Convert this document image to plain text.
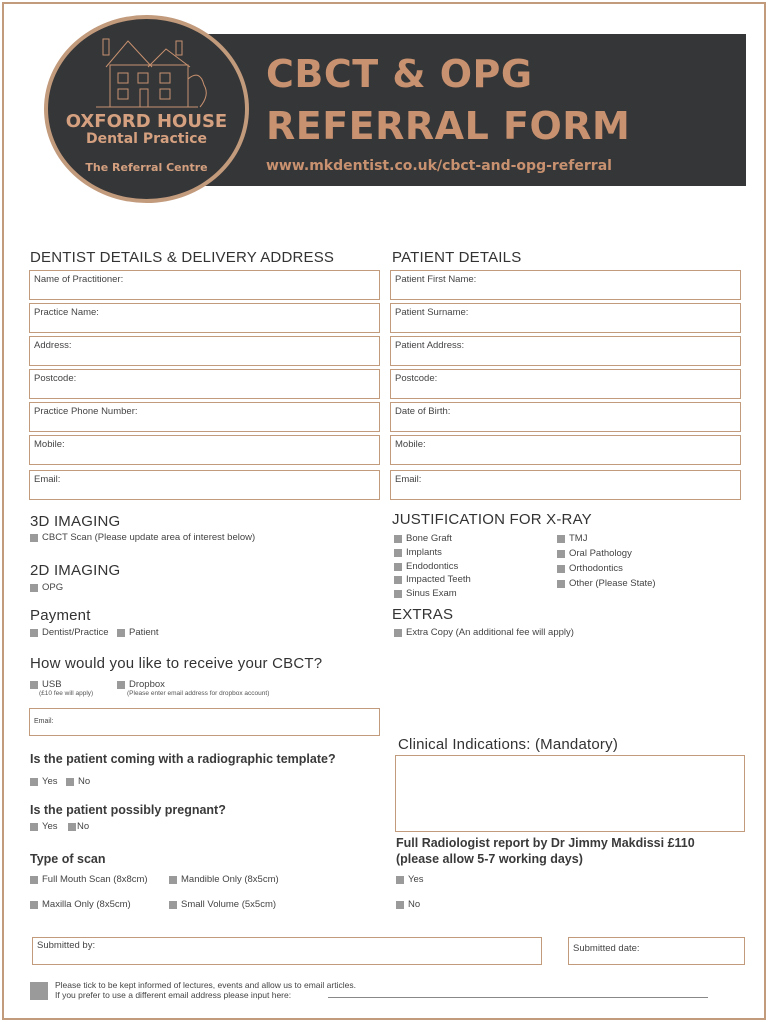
CBCT & OPG
REFERRAL FORM
www.mkdentist.co.uk/cbct-and-opg-referral
OXFORD HOUSE
Dental Practice
The Referral Centre
DENTIST DETAILS & DELIVERY ADDRESS	PATIENT DETAILS
Name of Practitioner:
Practice Name:
Address:
Postcode:
Practice Phone Number:
Mobile:
Email:
Patient First Name:
Patient Surname:
Patient Address:
Postcode:
Date of Birth:
Mobile:
Email:
3D IMAGING
CBCT Scan (Please update area of interest below)
2D IMAGING
OPG
Payment
Dentist/Practice Patient
JUSTIFICATION FOR X-RAY
Bone Graft
Implants
Endodontics
Impacted Teeth
Sinus Exam
TMJ
Oral Pathology
Orthodontics
Other (Please State)
EXTRAS
Extra Copy (An additional fee will apply)
How would you like to receive your CBCT?
USB
(£10 fee will apply)
Dropbox
(Please enter email address for dropbox account)
Email:
Is the patient coming with a radiographic template?
Yes No
Is the patient possibly pregnant?
Yes No
Type of scan
Full Mouth Scan (8x8cm)	Mandible Only (8x5cm)
Maxilla Only (8x5cm)	Small Volume (5x5cm)
Clinical Indications: (Mandatory)
Full Radiologist report by Dr Jimmy Makdissi £110
(please allow 5-7 working days)
Yes
No
Submitted by:	Submitted date:
Please tick to be kept informed of lectures, events and allow us to email articles.
If you prefer to use a different email address please input here:
